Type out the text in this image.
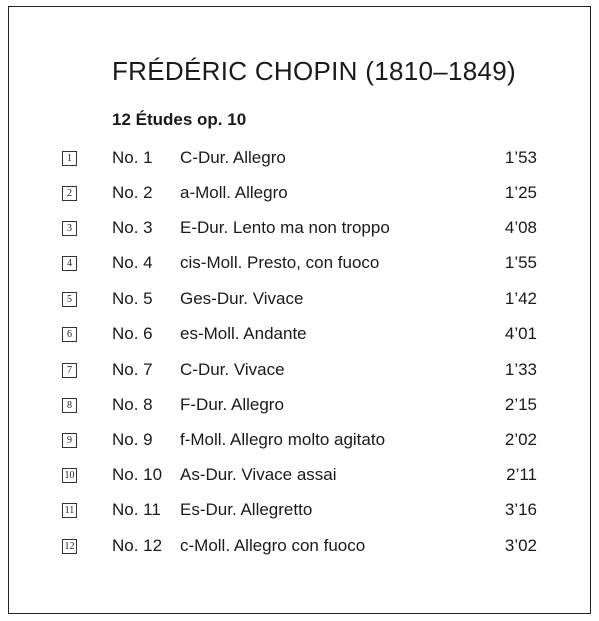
FRÉDÉRIC CHOPIN (1810–1849)
12 Études op. 10
1 No. 1 C-Dur. Allegro	1’53
2 No. 2 a-Moll. Allegro	1’25
3 No. 3 E-Dur. Lento ma non troppo	4’08
4 No. 4 cis-Moll. Presto, con fuoco	1’55
5 No. 5 Ges-Dur. Vivace	1’42
6 No. 6 es-Moll. Andante	4’01
7 No. 7 C-Dur. Vivace	1’33
8 No. 8 F-Dur. Allegro	2’15
9 No. 9 f-Moll. Allegro molto agitato	2’02
10 No. 10 As-Dur. Vivace assai	2’11
11 No. 11 Es-Dur. Allegretto	3’16
12 No. 12 c-Moll. Allegro con fuoco	3’02
